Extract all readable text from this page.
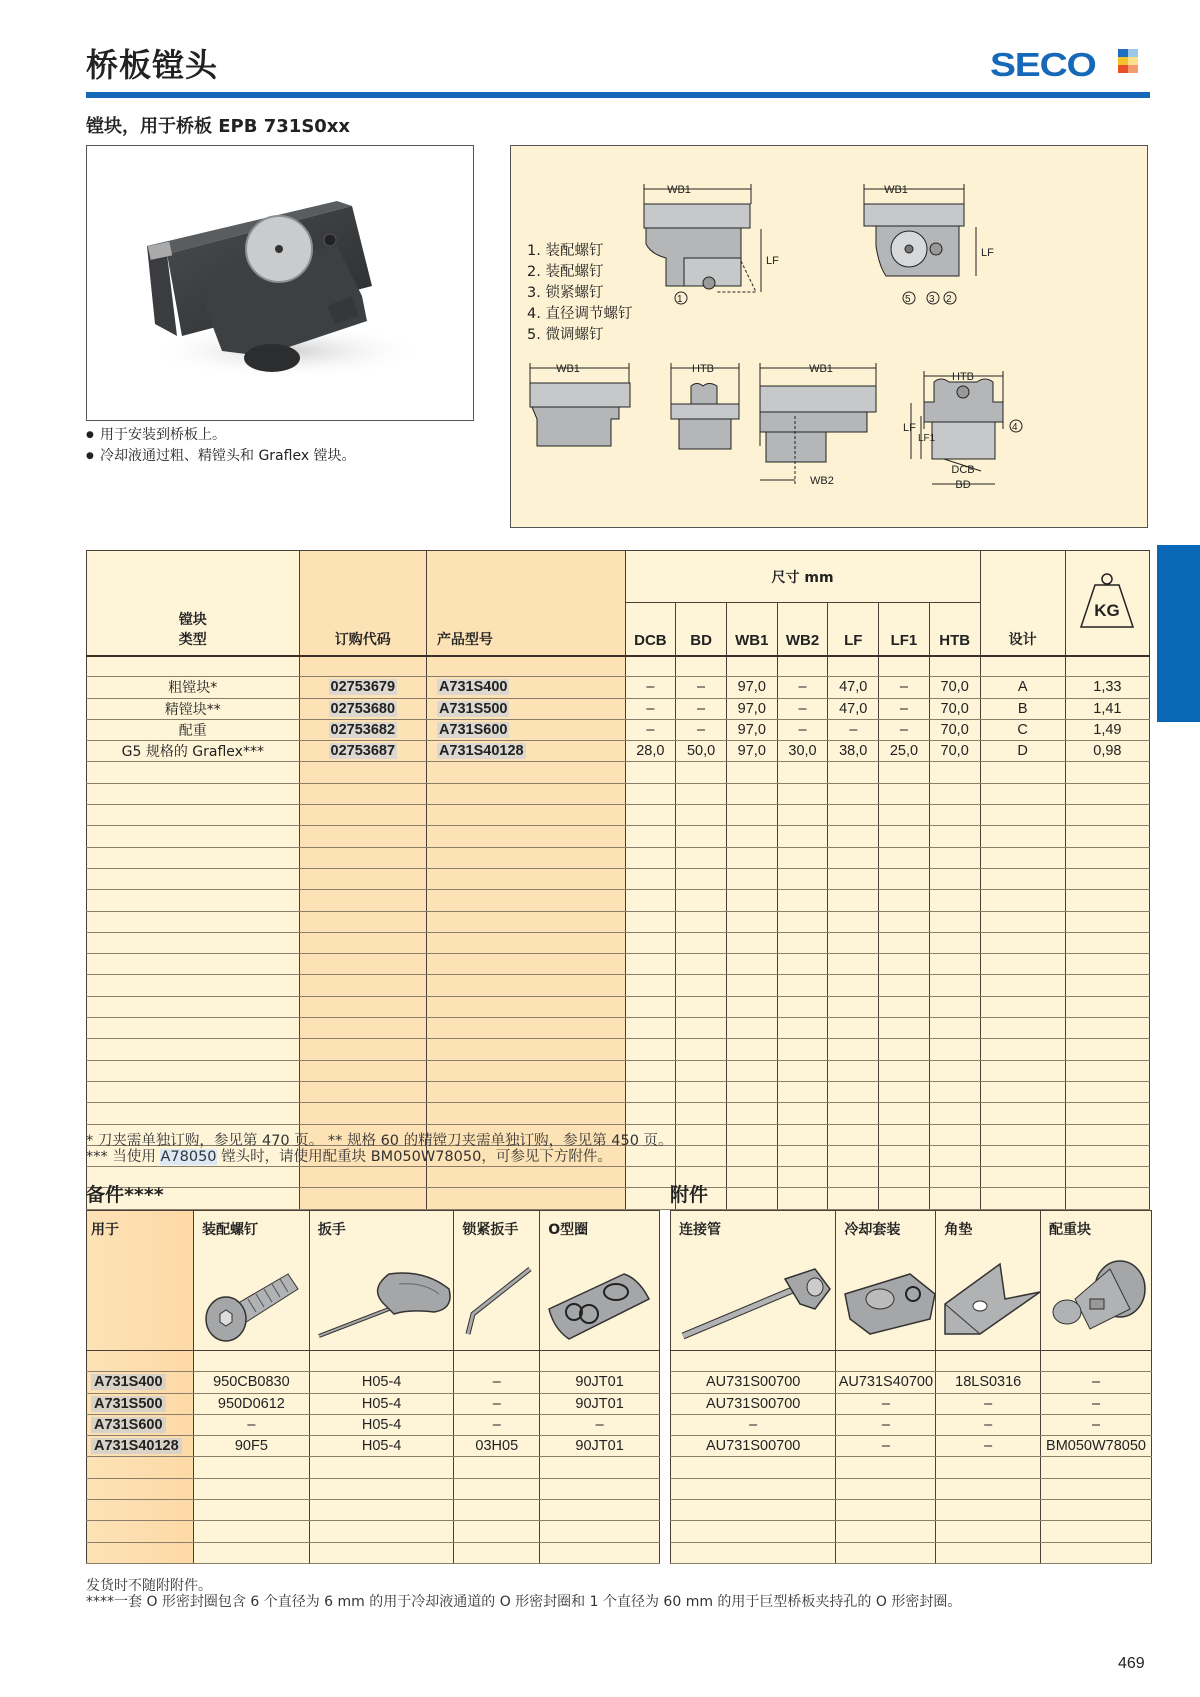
桥板镗头	SECO
镗块，用于桥板 EPB 731S0xx
● 用于安装到桥板上。
● 冷却液通过粗、精镗头和 Graflex 镗块。
1. 装配螺钉
2. 装配螺钉
3. 锁紧螺钉
4. 直径调节螺钉
5. 微调螺钉
WB1	WB1
LF
LF
WB1	HTB	WB1
WB2
HTB
LF
LF1
DCB
BD
1	5 3 2
4
镗块
类型	订购代码	产品型号	尺寸 mm							设计	KG

			DCB	BD	WB1	WB2	LF	LF1	HTB		

粗镗块*	02753679	A731S400	–	–	97,0	–	47,0	–	70,0	A	1,33
精镗块**	02753680	A731S500	–	–	97,0	–	47,0	–	70,0	B	1,41
配重	02753682	A731S600	–	–	97,0	–	–	–	70,0	C	1,49
G5 规格的 Graflex***	02753687	A731S40128	28,0	50,0	97,0	30,0	38,0	25,0	70,0	D	0,98

* 刀夹需单独订购，参见第 470 页。 ** 规格 60 的精镗刀夹需单独订购，参见第 450 页。
*** 当使用 A78050 镗头时，请使用配重块 BM050W78050，可参见下方附件。
备件****
用于	装配螺钉	扳手	锁紧扳手	O型圈

A731S400	950CB0830	H05-4	–	90JT01
A731S500	950D0612	H05-4	–	90JT01
A731S600	–	H05-4	–	–
A731S40128	90F5	H05-4	03H05	90JT01

附件
连接管	冷却套装	角垫	配重块

AU731S00700	AU731S40700	18LS0316	–
AU731S00700	–	–	–
–	–	–	–
AU731S00700	–	–	BM050W78050

发货时不随附附件。
****一套 O 形密封圈包含 6 个直径为 6 mm 的用于冷却液通道的 O 形密封圈和 1 个直径为 60 mm 的用于巨型桥板夹持孔的 O 形密封圈。
469
